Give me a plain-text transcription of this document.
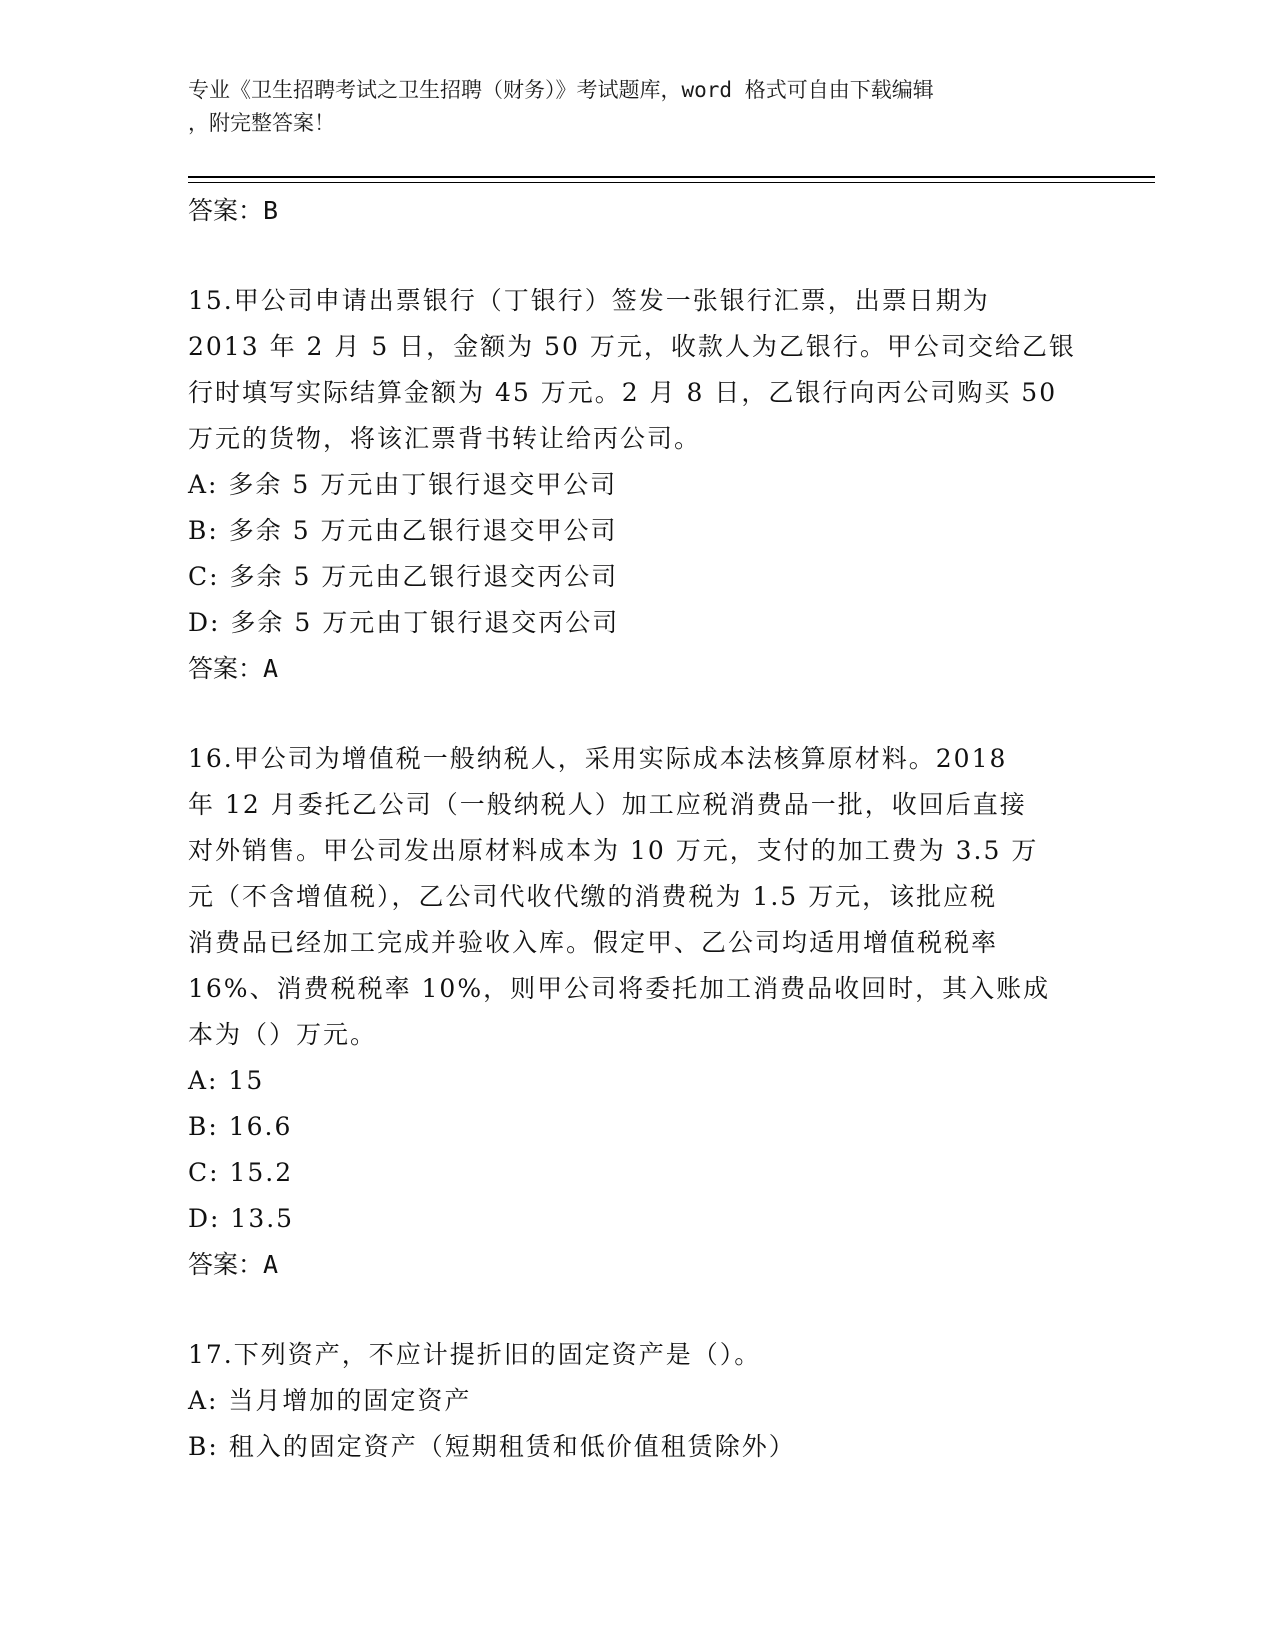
专业《卫生招聘考试之卫生招聘（财务）》考试题库，word 格式可自由下载编辑
，附完整答案！
答案：B
15.甲公司申请出票银行（丁银行）签发一张银行汇票，出票日期为
2013 年 2 月 5 日，金额为 50 万元，收款人为乙银行。甲公司交给乙银
行时填写实际结算金额为 45 万元。2 月 8 日，乙银行向丙公司购买 50
万元的货物，将该汇票背书转让给丙公司。
A: 多余 5 万元由丁银行退交甲公司
B: 多余 5 万元由乙银行退交甲公司
C: 多余 5 万元由乙银行退交丙公司
D: 多余 5 万元由丁银行退交丙公司
答案：A
16.甲公司为增值税一般纳税人，采用实际成本法核算原材料。2018
年 12 月委托乙公司（一般纳税人）加工应税消费品一批，收回后直接
对外销售。甲公司发出原材料成本为 10 万元，支付的加工费为 3.5 万
元（不含增值税），乙公司代收代缴的消费税为 1.5 万元，该批应税
消费品已经加工完成并验收入库。假定甲、乙公司均适用增值税税率
16%、消费税税率 10%，则甲公司将委托加工消费品收回时，其入账成
本为（）万元。
A: 15
B: 16.6
C: 15.2
D: 13.5
答案：A
17.下列资产，不应计提折旧的固定资产是（）。
A: 当月增加的固定资产
B: 租入的固定资产（短期租赁和低价值租赁除外）
